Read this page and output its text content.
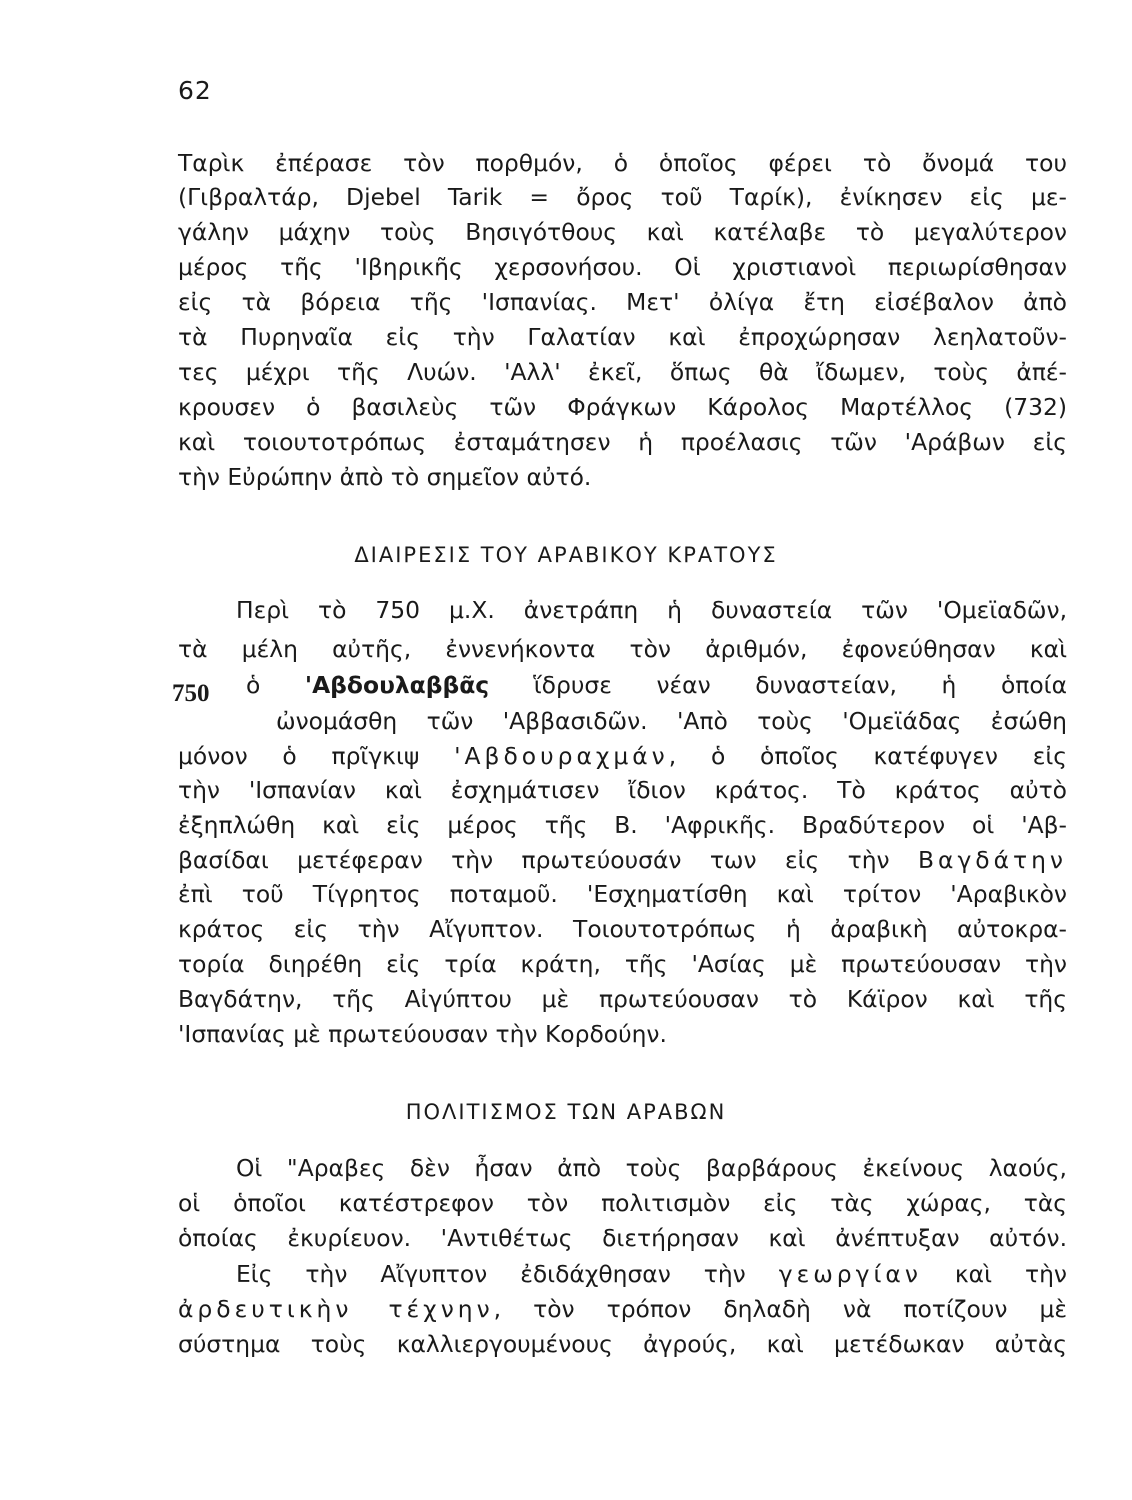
62
Ταρὶκ ἐπέρασε τὸν πορθμόν, ὁ ὁποῖος φέρει τὸ ὄνομά του
(Γιβραλτάρ, Djebel Tarik = ὄρος τοῦ Ταρίκ), ἐνίκησεν εἰς με-
γάλην μάχην τοὺς Βησιγότθους καὶ κατέλαβε τὸ μεγαλύτερον
μέρος τῆς 'Ιβηρικῆς χερσονήσου. Οἱ χριστιανοὶ περιωρίσθησαν
εἰς τὰ βόρεια τῆς 'Ισπανίας. Μετ' ὀλίγα ἔτη εἰσέβαλον ἀπὸ
τὰ Πυρηναῖα εἰς τὴν Γαλατίαν καὶ ἐπροχώρησαν λεηλατοῦν-
τες μέχρι τῆς Λυών. 'Αλλ' ἐκεῖ, ὅπως θὰ ἴδωμεν, τοὺς ἀπέ-
κρουσεν ὁ βασιλεὺς τῶν Φράγκων Κάρολος Μαρτέλλος (732)
καὶ τοιουτοτρόπως ἐσταμάτησεν ἡ προέλασις τῶν 'Αράβων εἰς
τὴν Εὐρώπην ἀπὸ τὸ σημεῖον αὐτό.
ΔΙΑΙΡΕΣΙΣ ΤΟΥ ΑΡΑΒΙΚΟΥ ΚΡΑΤΟΥΣ
750
Περὶ τὸ 750 μ.Χ. ἀνετράπη ἡ δυναστεία τῶν 'Ομεϊαδῶν,
τὰ μέλη αὐτῆς, ἐννενήκοντα τὸν ἀριθμόν, ἐφονεύθησαν καὶ
ὁ 'Αβδουλαββᾶς ἵδρυσε νέαν δυναστείαν, ἡ ὁποία
ὠνομάσθη τῶν 'Αββασιδῶν. 'Απὸ τοὺς 'Ομεϊάδας ἐσώθη
μόνον ὁ πρῖγκιψ 'Αβδουραχμάν, ὁ ὁποῖος κατέφυγεν εἰς
τὴν 'Ισπανίαν καὶ ἐσχημάτισεν ἴδιον κράτος. Τὸ κράτος αὐτὸ
ἐξηπλώθη καὶ εἰς μέρος τῆς Β. 'Αφρικῆς. Βραδύτερον οἱ 'Αβ-
βασίδαι μετέφεραν τὴν πρωτεύουσάν των εἰς τὴν Βαγδάτην
ἐπὶ τοῦ Τίγρητος ποταμοῦ. 'Εσχηματίσθη καὶ τρίτον 'Αραβικὸν
κράτος εἰς τὴν Αἴγυπτον. Τοιουτοτρόπως ἡ ἀραβικὴ αὐτοκρα-
τορία διηρέθη εἰς τρία κράτη, τῆς 'Ασίας μὲ πρωτεύουσαν τὴν
Βαγδάτην, τῆς Αἰγύπτου μὲ πρωτεύουσαν τὸ Κάϊρον καὶ τῆς
'Ισπανίας μὲ πρωτεύουσαν τὴν Κορδούην.
ΠΟΛΙΤΙΣΜΟΣ ΤΩΝ ΑΡΑΒΩΝ
Οἱ "Αραβες δὲν ἦσαν ἀπὸ τοὺς βαρβάρους ἐκείνους λαούς,
οἱ ὁποῖοι κατέστρεφον τὸν πολιτισμὸν εἰς τὰς χώρας, τὰς
ὁποίας ἐκυρίευον. 'Αντιθέτως διετήρησαν καὶ ἀνέπτυξαν αὐτόν.
Εἰς τὴν Αἴγυπτον ἐδιδάχθησαν τὴν γεωργίαν καὶ τὴν
ἀρδευτικὴν τέχνην, τὸν τρόπον δηλαδὴ νὰ ποτίζουν μὲ
σύστημα τοὺς καλλιεργουμένους ἀγρούς, καὶ μετέδωκαν αὐτὰς
